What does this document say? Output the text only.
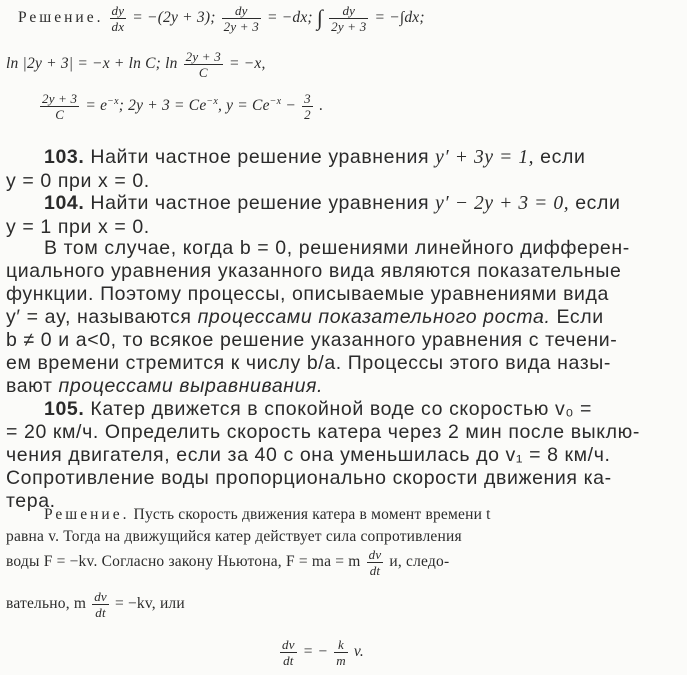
Решение. $\frac{dy}{dx} = -(2y + 3)$; $\frac{dy}{2y + 3} = -dx$; ∫ $\frac{dy}{2y + 3} = -\int dx$;
ln |2y + 3| = −x + ln C; $\ln \frac{2y + 3}{C} = -x$,
$\frac{2y + 3}{C} = e^{-x}$; $2y + 3 = Ce^{-x}$, $y = Ce^{-x} - \frac{3}{2}$ .
103. Найти частное решение уравнения y′ + 3y = 1, если
y = 0 при x = 0.
104. Найти частное решение уравнения y′ − 2y + 3 = 0, если
y = 1 при x = 0.
В том случае, когда b = 0, решениями линейного дифферен-
циального уравнения указанного вида являются показательные
функции. Поэтому процессы, описываемые уравнениями вида
y′ = ay, называются процессами показательного роста. Если
b ≠ 0 и a<0, то всякое решение указанного уравнения с течени-
ем времени стремится к числу b/a. Процессы этого вида назы-
вают процессами выравнивания.
105. Катер движется в спокойной воде со скоростью v₀ =
= 20 км/ч. Определить скорость катера через 2 мин после выклю-
чения двигателя, если за 40 с она уменьшилась до v₁ = 8 км/ч.
Сопротивление воды пропорционально скорости движения ка-
тера.
Решение. Пусть скорость движения катера в момент времени t
равна v. Тогда на движущийся катер действует сила сопротивления
воды F = −kv. Согласно закону Ньютона, F = ma = m $\frac{dv}{dt} и$, следо-
вательно, m $\frac{dv}{dt} = -kv$, или
$\frac{dv}{dt}$ = − $\frac{k}{m} v$.
